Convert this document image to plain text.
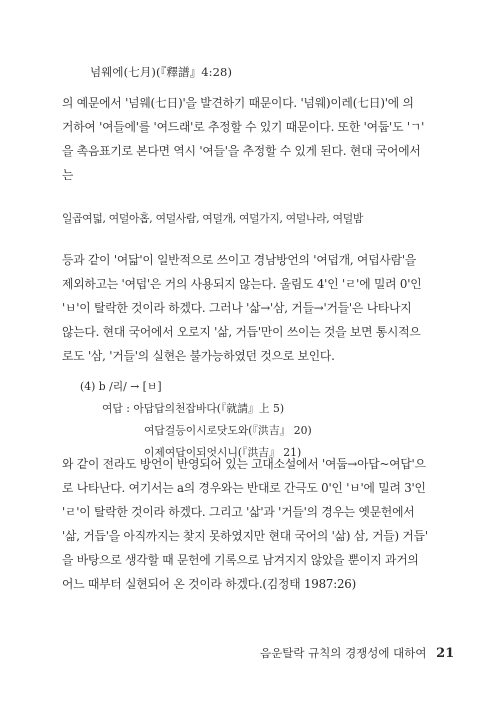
넘웨에(七月)(『釋譜』4:28)
의 예문에서 '넘웨(七日)'을 발견하기 때문이다. '넘웨)이레(七日)'에 의
거하여 '여들에'를 '여드래'로 추정할 수 있기 때문이다. 또한 '여둡'도 'ㄱ'
을 촉음표기로 본다면 역시 '여들'을 추정할 수 있게 된다. 현대 국어에서
는
일곱여덟, 여덜아홉, 여덜사람, 여덜개, 여덜가지, 여덜나라, 여덜밤
등과 같이 '여닯'이 일반적으로 쓰이고 경남방언의 '여덥개, 여덥사람'을
제외하고는 '여덥'은 거의 사용되지 않는다. 울림도 4'인 'ㄹ'에 밀려 0'인
'ㅂ'이 탈락한 것이라 하겠다. 그러나 '삷→'삼, 거들→'거들'은 나타나지
않는다. 현대 국어에서 오로지 '삶, 거듭'만이 쓰이는 것을 보면 통시적으
로도 '삼, '거들'의 실현은 불가능하였던 것으로 보인다.
(4) b /리/ → [ㅂ]
여답 : 아답답의천잡바다(『就請』上 5)
여답걸등이시로닷도와(『洪吉』 20)
이제여답이되엇시니(『洪吉』 21)
와 같이 전라도 방언이 반영되어 있는 고대소설에서 '여둡→아답~여답'으
로 나타난다. 여기서는 a의 경우와는 반대로 간극도 0'인 'ㅂ'에 밀려 3'인
'ㄹ'이 탈락한 것이라 하겠다. 그리고 '삷'과 '거들'의 경우는 옛문헌에서
'삶, 거듭'을 아직까지는 찾지 못하였지만 현대 국어의 '삶) 삼, 거들) 거듭'
을 바탕으로 생각할 때 문헌에 기록으로 남겨지지 않았을 뿐이지 과거의
어느 때부터 실현되어 온 것이라 하겠다.(김정태 1987:26)
음운탈락 규칙의 경쟁성에 대하여 21
